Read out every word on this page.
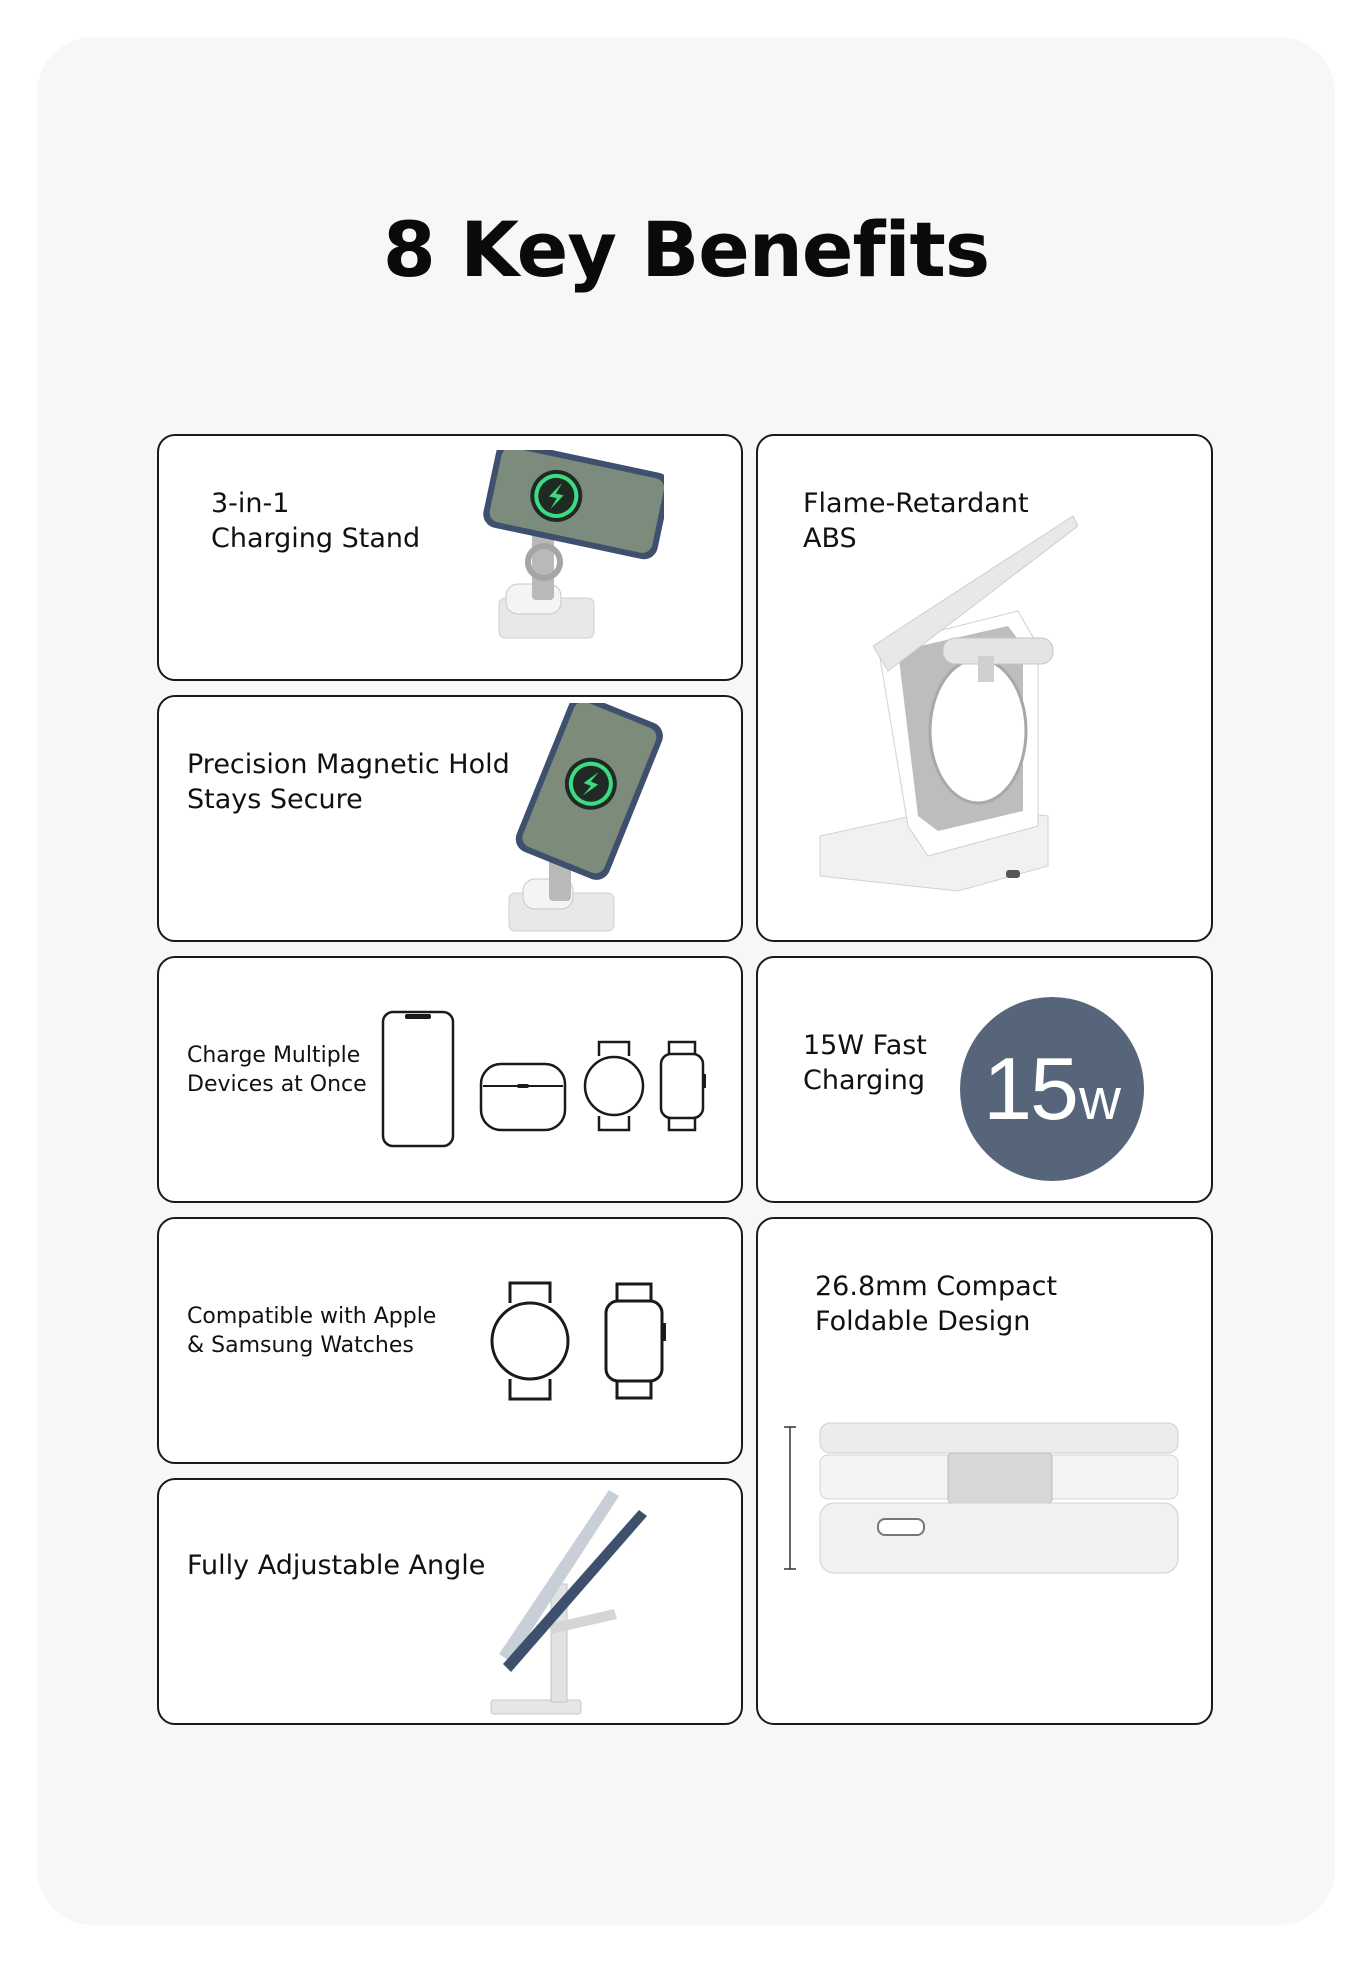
8 Key Benefits
3-in-1
Charging Stand
Precision Magnetic Hold
Stays Secure
Flame-Retardant
ABS
Charge Multiple
Devices at Once
15W Fast
Charging 15 w
Compatible with Apple
& Samsung Watches
Fully Adjustable Angle
26.8mm Compact
Foldable Design
